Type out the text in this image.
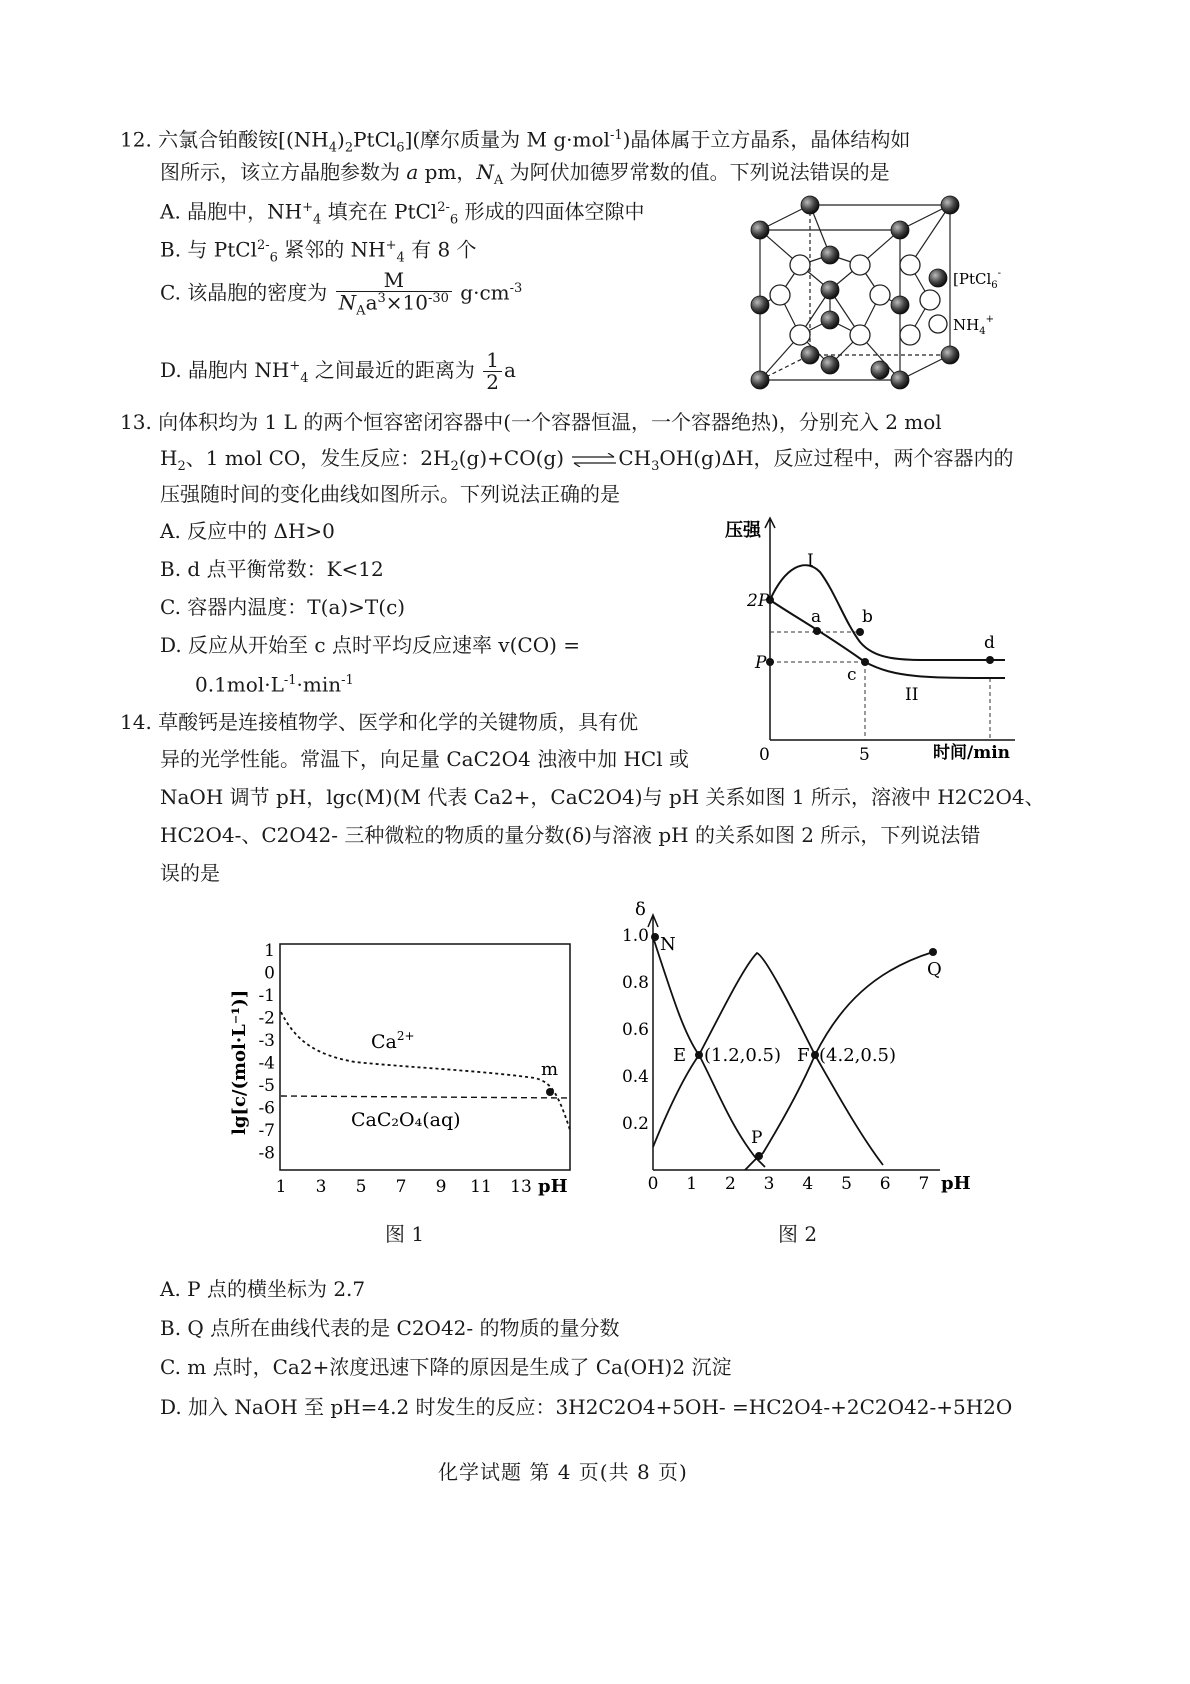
12. 六氯合铂酸铵$[(NH_4)_2PtCl_6]$(摩尔质量为 M g·mol$^{-1}$)晶体属于立方晶系，晶体结构如
图所示，该立方晶胞参数为 a pm，$N_A$ 为阿伏加德罗常数的值。下列说法错误的是
A. 晶胞中，$NH^+_4$ 填充在 PtCl$^{2-}_6$ 形成的四面体空隙中
B. 与 PtCl$^{2-}_6$ 紧邻的 $NH^+_4$ 有 8 个
C. 该晶胞的密度为 $\frac{M}{N_Aa^3\times 10^{-30}} g\cdot cm^{-3}$
D. 晶胞内 $NH^+_4$ 之间最近的距离为 $\frac{1}{2}$ a
[PtCl$_6$-
$NH_4^+$
13. 向体积均为 1 L 的两个恒容密闭容器中(一个容器恒温，一个容器绝热)，分别充入 2 mol
$H_2$、1 mol CO，发生反应：$2H_2(g)+CO(g)$ $\rightleftharpoons CH_3OH(g)\Delta H$，反应过程中，两个容器内的
压强随时间的变化曲线如图所示。下列说法正确的是
A. 反应中的 ΔH>0
B. d 点平衡常数：K<12
C. 容器内温度：T(a)>T(c)
D. 反应从开始至 c 点时平均反应速率 v(CO) =
$0.1mol\cdot L^{-1}\cdot\min^{-1}$
压强
时间/min
0	5
2P
P
I
II
a b
c
d
14. 草酸钙是连接植物学、医学和化学的关键物质，具有优
异的光学性能。常温下，向足量 CaC2O4 浊液中加 HCl 或
NaOH 调节 pH，lgc(M)(M 代表 Ca2+，CaC2O4)与 pH 关系如图 1 所示，溶液中 H2C2O4、
HC2O4-、C2O42- 三种微粒的物质的量分数(δ)与溶液 pH 的关系如图 2 所示，下列说法错
误的是
1
0
-1
-2
-3
-4
-5
-6
-7
-8
1 3 5 7 9 11 13
$Ca^{2+}$
CaC₂O₄(aq)
m
pH
lg[c/(mol·L⁻¹)]
图 1
1.0
0.8
0.6
0.4
0.2
0 1 2 3 4 5 6 7
N
E (1.2,0.5) F (4.2,0.5)
P
Q
δ
pH
图 2
A. P 点的横坐标为 2.7
B. Q 点所在曲线代表的是 C2O42- 的物质的量分数
C. m 点时，Ca2+浓度迅速下降的原因是生成了 Ca(OH)2 沉淀
D. 加入 NaOH 至 pH=4.2 时发生的反应：3H2C2O4+5OH- =HC2O4-+2C2O42-+5H2O
化学试题 第 4 页(共 8 页)
